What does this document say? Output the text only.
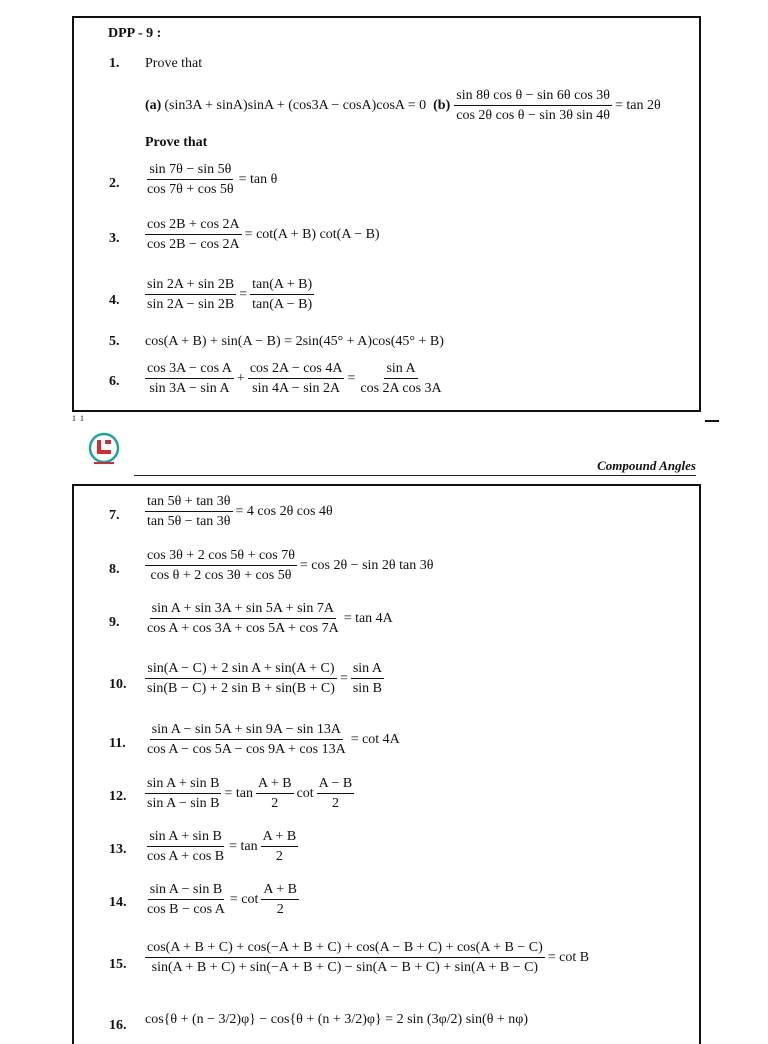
DPP - 9 :
1. Prove that
(a) (sin3A + sinA)sinA + (cos3A − cosA)cosA = 0 $(b) \frac{\text{sin 8θ cos θ − sin 6θ cos 3θ}}{\text{cos 2θ cos θ − sin 3θ sin 4θ}} = \tan 2\theta$
Prove that
2. $\frac{\sin 7\theta - \sin 5\theta}{\cos 7\theta + \cos 5\theta} = \tan \theta$
3. $\frac{\cos 2B + \cos 2A}{\cos 2B - \cos 2A} = \cot(A + B) \cot(A - B)$
4. $\frac{\sin 2A + \sin 2B}{\sin 2A - \sin 2B} = \frac{\tan(A + B)}{\tan(A - B)}$
5. cos(A + B) + sin(A − B) = 2sin(45° + A)cos(45° + B)
6. $\frac{\text{cos 3A − cos A}}{\text{sin 3A − sin A}} + \frac{\cos 2A - \cos 4A}{\sin 4A - \sin 2A} = \frac{\text{sin A}}{\text{cos 2A cos 3A}}$
1 1
Compound Angles
7. $\frac{\tan 5\theta + \tan 3\theta}{\tan 5\theta - \tan 3\theta} = 4$ cos 2θ cos 4θ
8. $\frac{\cos 3\theta + 2 \cos 5\theta + \cos 7\theta}{\text{cos θ + 2 cos 3θ + cos 5θ}} = \cos 2\theta - \sin 2\theta$ tan 3θ
9. $\frac{\text{sin A + sin 3A + sin 5A + sin 7A}}{\text{cos A + cos 3A + cos 5A + cos 7A}} = \tan 4A$
10. $\frac{\text{sin(A − C) + 2 sin A + sin(A + C)}}{\text{sin(B − C) + 2 sin B + sin(B + C)}} = \frac{\text{sin A}}{\text{sin B}}$
11. $\frac{\text{sin A − sin 5A + sin 9A − sin 13A}}{\text{cos A − cos 5A − cos 9A + cos 13A}} = \cot 4A$
12. $\frac{\text{sin A + sin B}}{\text{sin A − sin B}} = \tan \frac{A + B}{2}$ $\cot \frac{A - B}{2}$
13. $\frac{\text{sin A + sin B}}{\text{cos A + cos B}} = \tan \frac{A + B}{2}$
14. $\frac{\text{sin A − sin B}}{\text{cos B − cos A}} = \cot \frac{A + B}{2}$
15.
cos(A + B + C) + cos(−A + B + C) + cos(A − B + C) + cos(A + B − C)
sin(A + B + C) + sin(−A + B + C) − sin(A − B + C) + sin(A + B − C)
= cot B
16. cos{θ + (n − 3/2)φ} − cos{θ + (n + 3/2)φ} = 2 sin (3φ/2) sin(θ + nφ)
